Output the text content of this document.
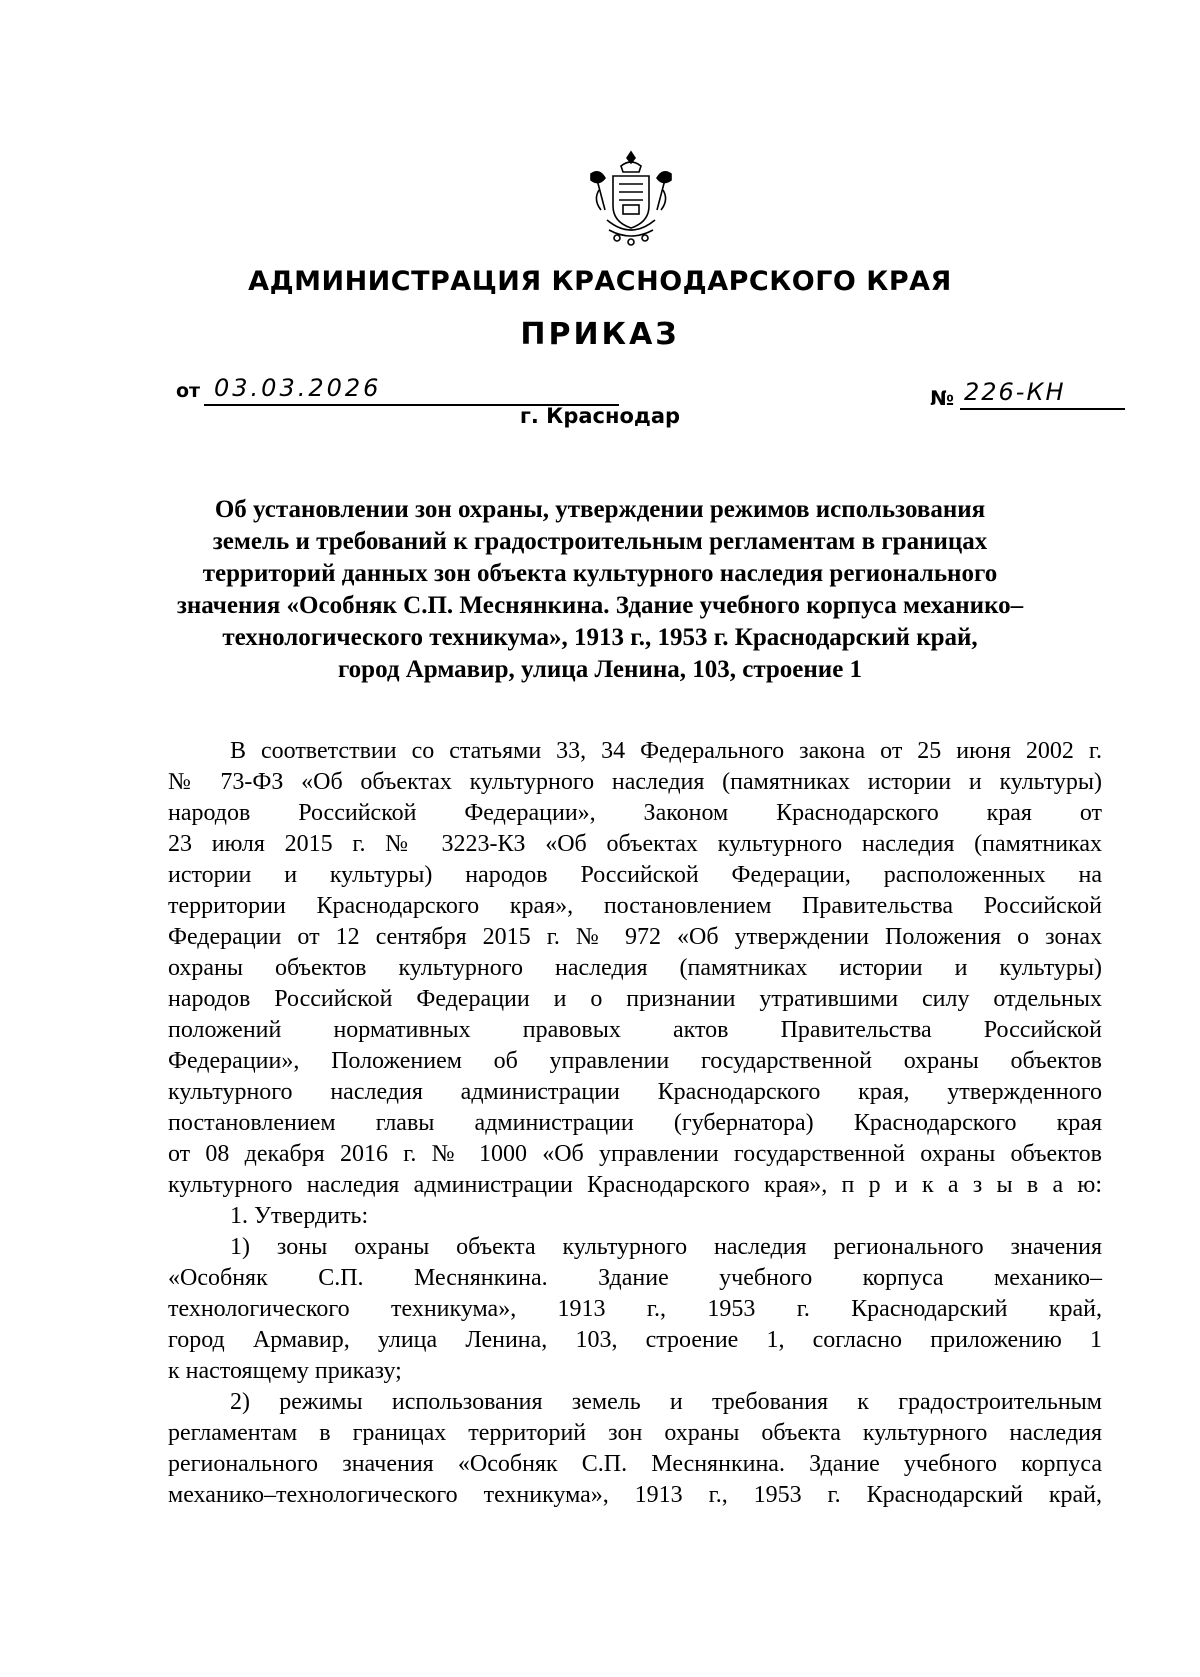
АДМИНИСТРАЦИЯ КРАСНОДАРСКОГО КРАЯ
ПРИКАЗ
от 03.03.2026	№ 226-КН
г. Краснодар
Об установлении зон охраны, утверждении режимов использования
земель и требований к градостроительным регламентам в границах
территорий данных зон объекта культурного наследия регионального
значения «Особняк С.П. Меснянкина. Здание учебного корпуса механико–
технологического техникума», 1913 г., 1953 г. Краснодарский край,
город Армавир, улица Ленина, 103, строение 1
В соответствии со статьями 33, 34 Федерального закона от 25 июня 2002 г.
№ 73-ФЗ «Об объектах культурного наследия (памятниках истории и культуры)
народов Российской Федерации», Законом Краснодарского края от
23 июля 2015 г. № 3223-КЗ «Об объектах культурного наследия (памятниках
истории и культуры) народов Российской Федерации, расположенных на
территории Краснодарского края», постановлением Правительства Российской
Федерации от 12 сентября 2015 г. № 972 «Об утверждении Положения о зонах
охраны объектов культурного наследия (памятниках истории и культуры)
народов Российской Федерации и о признании утратившими силу отдельных
положений нормативных правовых актов Правительства Российской
Федерации», Положением об управлении государственной охраны объектов
культурного наследия администрации Краснодарского края, утвержденного
постановлением главы администрации (губернатора) Краснодарского края
от 08 декабря 2016 г. № 1000 «Об управлении государственной охраны объектов
культурного наследия администрации Краснодарского края», п р и к а з ы в а ю:
1. Утвердить:
1) зоны охраны объекта культурного наследия регионального значения
«Особняк С.П. Меснянкина. Здание учебного корпуса механико–
технологического техникума», 1913 г., 1953 г. Краснодарский край,
город Армавир, улица Ленина, 103, строение 1, согласно приложению 1
к настоящему приказу;
2) режимы использования земель и требования к градостроительным
регламентам в границах территорий зон охраны объекта культурного наследия
регионального значения «Особняк С.П. Меснянкина. Здание учебного корпуса
механико–технологического техникума», 1913 г., 1953 г. Краснодарский край,
